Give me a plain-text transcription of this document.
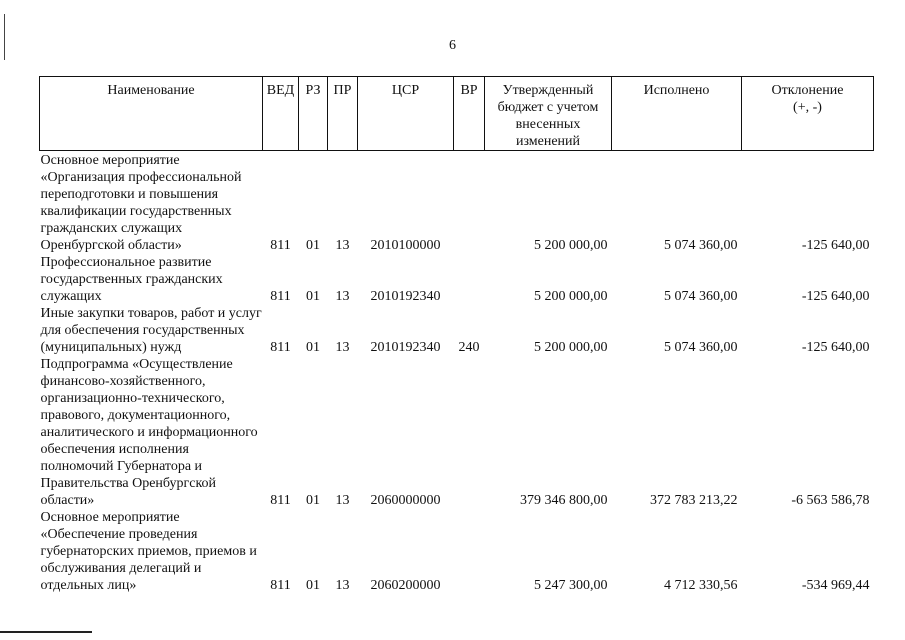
6
Наименование	ВЕД	РЗ	ПР	ЦСР	ВР	Утвержденный бюджет с учетом внесенных изменений	Исполнено	Отклонение (+, -)
Основное мероприятие «Организация профессиональной переподготовки и повышения квалификации государственных гражданских служащих Оренбургской области»	811	01	13	2010100000		5 200 000,00	5 074 360,00	-125 640,00
Профессиональное развитие государственных гражданских служащих	811	01	13	2010192340		5 200 000,00	5 074 360,00	-125 640,00
Иные закупки товаров, работ и услуг для обеспечения государственных (муниципальных) нужд	811	01	13	2010192340	240	5 200 000,00	5 074 360,00	-125 640,00
Подпрограмма «Осуществление финансово-хозяйственного, организационно-технического, правового, документационного, аналитического и информационного обеспечения исполнения полномочий Губернатора и Правительства Оренбургской области»	811	01	13	2060000000		379 346 800,00	372 783 213,22	-6 563 586,78
Основное мероприятие «Обеспечение проведения губернаторских приемов, приемов и обслуживания делегаций и отдельных лиц»	811	01	13	2060200000		5 247 300,00	4 712 330,56	-534 969,44
